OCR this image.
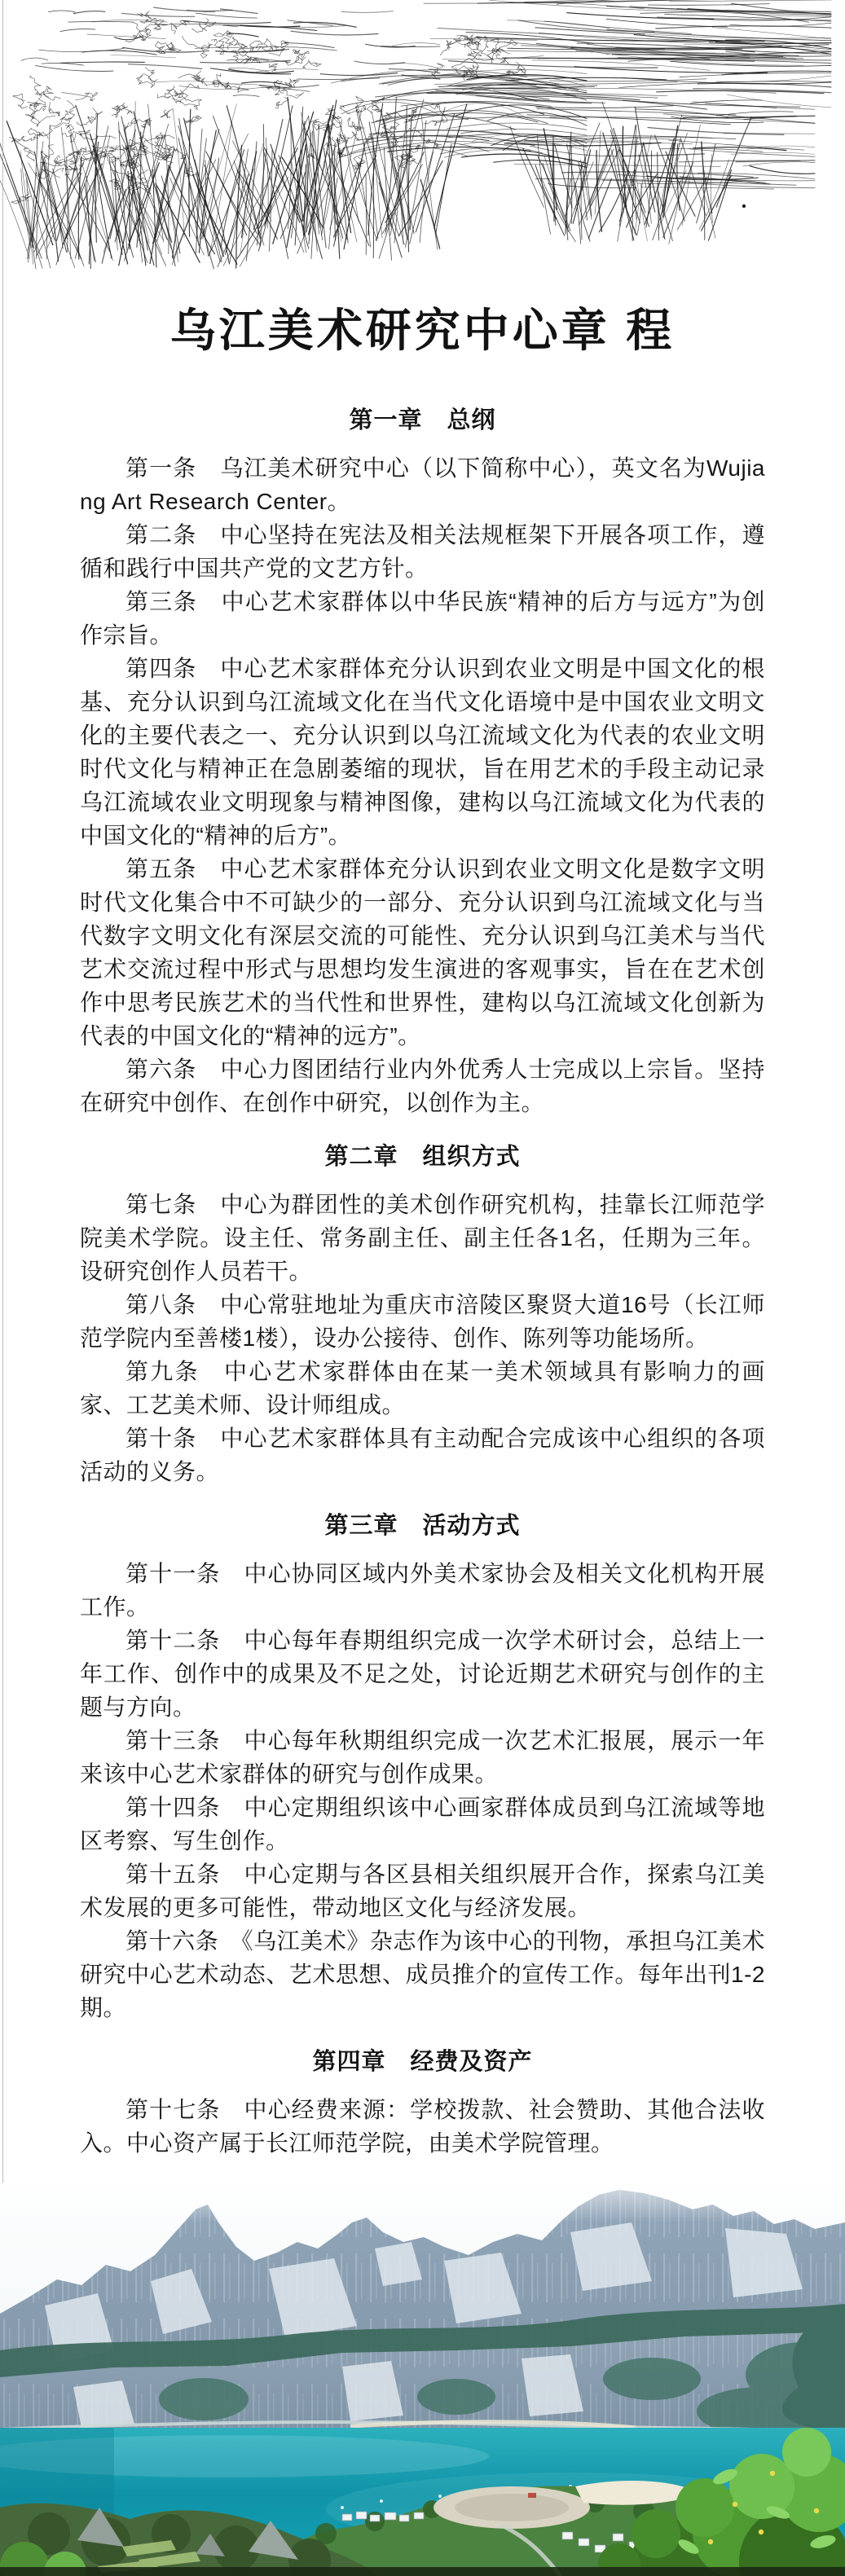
乌江美术研究中心章 程
第一章　总纲

第一条　乌江美术研究中心（以下简称中心），英文名为Wujiang Art Research Center。

第二条　中心坚持在宪法及相关法规框架下开展各项工作，遵循和践行中国共产党的文艺方针。

第三条　中心艺术家群体以中华民族“精神的后方与远方”为创作宗旨。

第四条　中心艺术家群体充分认识到农业文明是中国文化的根基、充分认识到乌江流域文化在当代文化语境中是中国农业文明文化的主要代表之一、充分认识到以乌江流域文化为代表的农业文明时代文化与精神正在急剧萎缩的现状，旨在用艺术的手段主动记录乌江流域农业文明现象与精神图像，建构以乌江流域文化为代表的中国文化的“精神的后方”。

第五条　中心艺术家群体充分认识到农业文明文化是数字文明时代文化集合中不可缺少的一部分、充分认识到乌江流域文化与当代数字文明文化有深层交流的可能性、充分认识到乌江美术与当代艺术交流过程中形式与思想均发生演进的客观事实，旨在在艺术创作中思考民族艺术的当代性和世界性，建构以乌江流域文化创新为代表的中国文化的“精神的远方”。

第六条　中心力图团结行业内外优秀人士完成以上宗旨。坚持在研究中创作、在创作中研究，以创作为主。

第二章　组织方式

第七条　中心为群团性的美术创作研究机构，挂靠长江师范学院美术学院。设主任、常务副主任、副主任各1名，任期为三年。设研究创作人员若干。

第八条　中心常驻地址为重庆市涪陵区聚贤大道16号（长江师范学院内至善楼1楼），设办公接待、创作、陈列等功能场所。

第九条　中心艺术家群体由在某一美术领域具有影响力的画家、工艺美术师、设计师组成。

第十条　中心艺术家群体具有主动配合完成该中心组织的各项活动的义务。

第三章　活动方式

第十一条　中心协同区域内外美术家协会及相关文化机构开展工作。

第十二条　中心每年春期组织完成一次学术研讨会，总结上一年工作、创作中的成果及不足之处，讨论近期艺术研究与创作的主题与方向。

第十三条　中心每年秋期组织完成一次艺术汇报展，展示一年来该中心艺术家群体的研究与创作成果。

第十四条　中心定期组织该中心画家群体成员到乌江流域等地区考察、写生创作。

第十五条　中心定期与各区县相关组织展开合作，探索乌江美术发展的更多可能性，带动地区文化与经济发展。

第十六条　《乌江美术》杂志作为该中心的刊物，承担乌江美术研究中心艺术动态、艺术思想、成员推介的宣传工作。每年出刊1-2期。

第四章　经费及资产

第十七条　中心经费来源：学校拨款、社会赞助、其他合法收入。中心资产属于长江师范学院，由美术学院管理。
